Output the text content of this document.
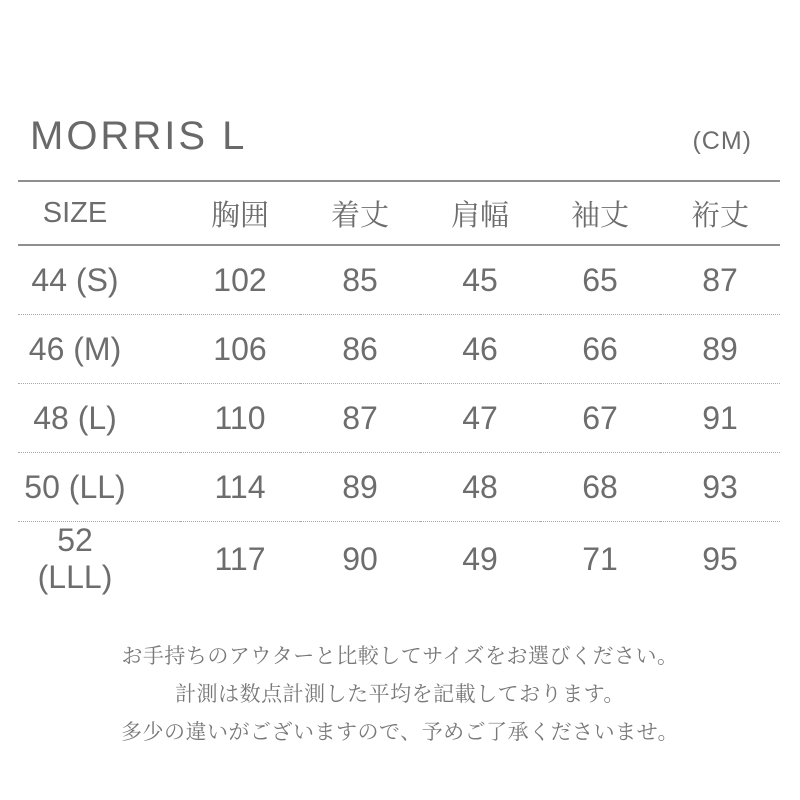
MORRIS L	(CM)
SIZE	胸囲	着丈	肩幅	袖丈	裄丈
44 (S)	102	85	45	65	87
46 (M)	106	86	46	66	89
48 (L)	110	87	47	67	91
50 (LL)	114	89	48	68	93
52 (LLL)	117	90	49	71	95

お手持ちのアウターと比較してサイズをお選びください。

計測は数点計測した平均を記載しております。

多少の違いがございますので、予めご了承くださいませ。
